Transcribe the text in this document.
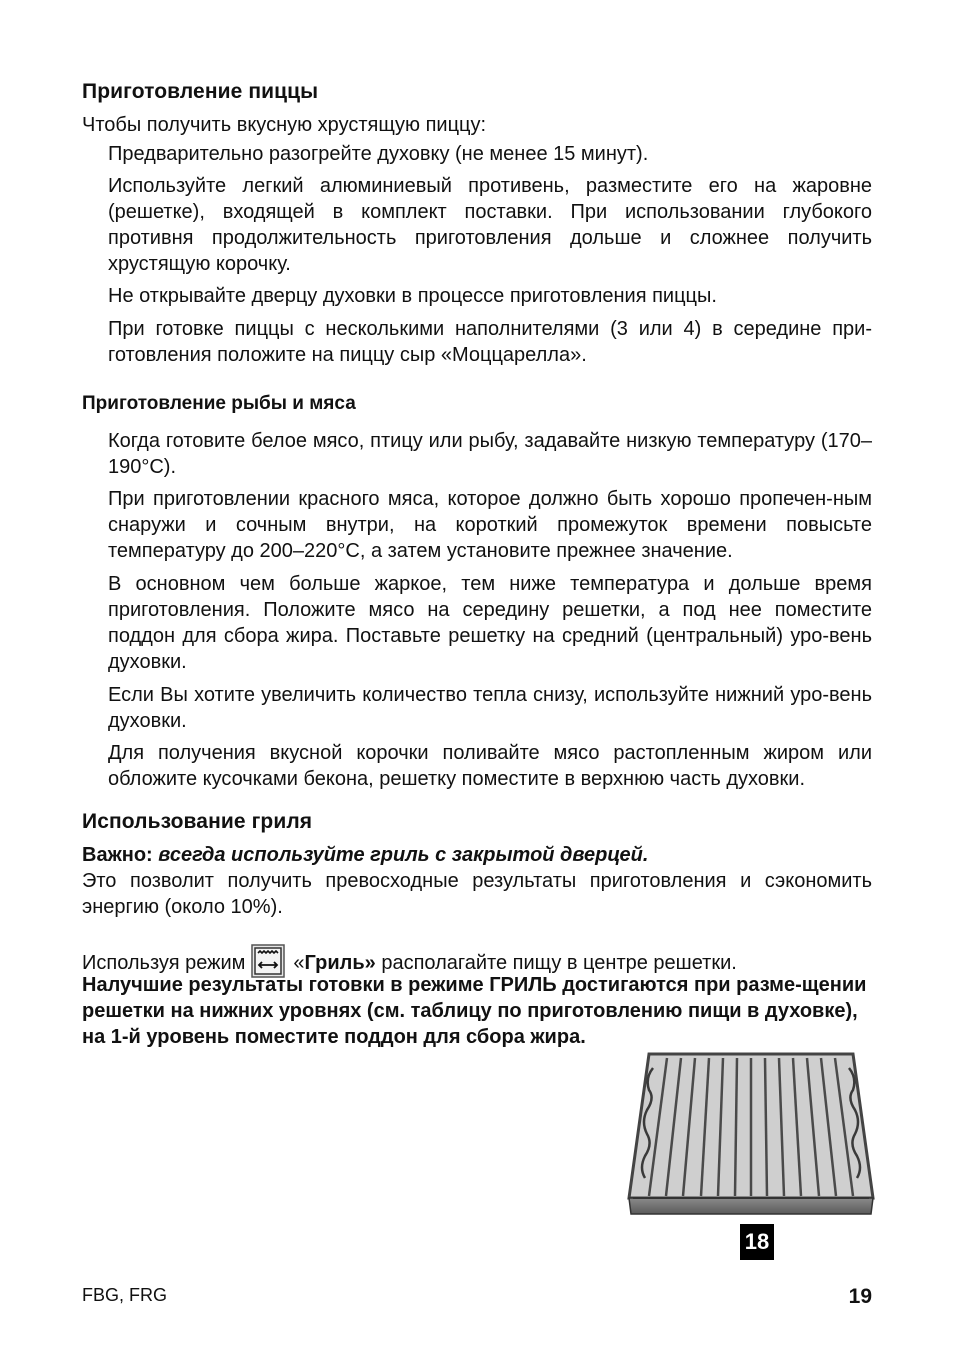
Приготовление пиццы

Чтобы получить вкусную хрустящую пиццу:

Предварительно разогрейте духовку (не менее 15 минут).

Используйте легкий алюминиевый противень, разместите его на жаровне (решетке), входящей в комплект поставки. При использовании глубокого противня продолжительность приготовления дольше и сложнее получить хрустящую корочку.

Не открывайте дверцу духовки в процессе приготовления пиццы.

При готовке пиццы с несколькими наполнителями (3 или 4) в середине при-готовления положите на пиццу сыр «Моццарелла».

Приготовление рыбы и мяса

Когда готовите белое мясо, птицу или рыбу, задавайте низкую температуру (170–190°C).

При приготовлении красного мяса, которое должно быть хорошо пропечен-ным снаружи и сочным внутри, на короткий промежуток времени повысьте температуру до 200–220°C, а затем установите прежнее значение.

В основном чем больше жаркое, тем ниже температура и дольше время приготовления. Положите мясо на середину решетки, а под нее поместите поддон для сбора жира. Поставьте решетку на средний (центральный) уро-вень духовки.

Если Вы хотите увеличить количество тепла снизу, используйте нижний уро-вень духовки.

Для получения вкусной корочки поливайте мясо растопленным жиром или обложите кусочками бекона, решетку поместите в верхнюю часть духовки.

Использование гриля

Важно: всегда используйте гриль с закрытой дверцей.

Это позволит получить превосходные результаты приготовления и сэкономить энергию (около 10%).

Используя режим «Гриль» располагайте пищу в центре решетки.

Налучшие результаты готовки в режиме ГРИЛЬ достигаются при разме-щении решетки на нижних уровнях (см. таблицу по приготовлению пищи в духовке), на 1-й уровень поместите поддон для сбора жира.

18
FBG, FRG	19
